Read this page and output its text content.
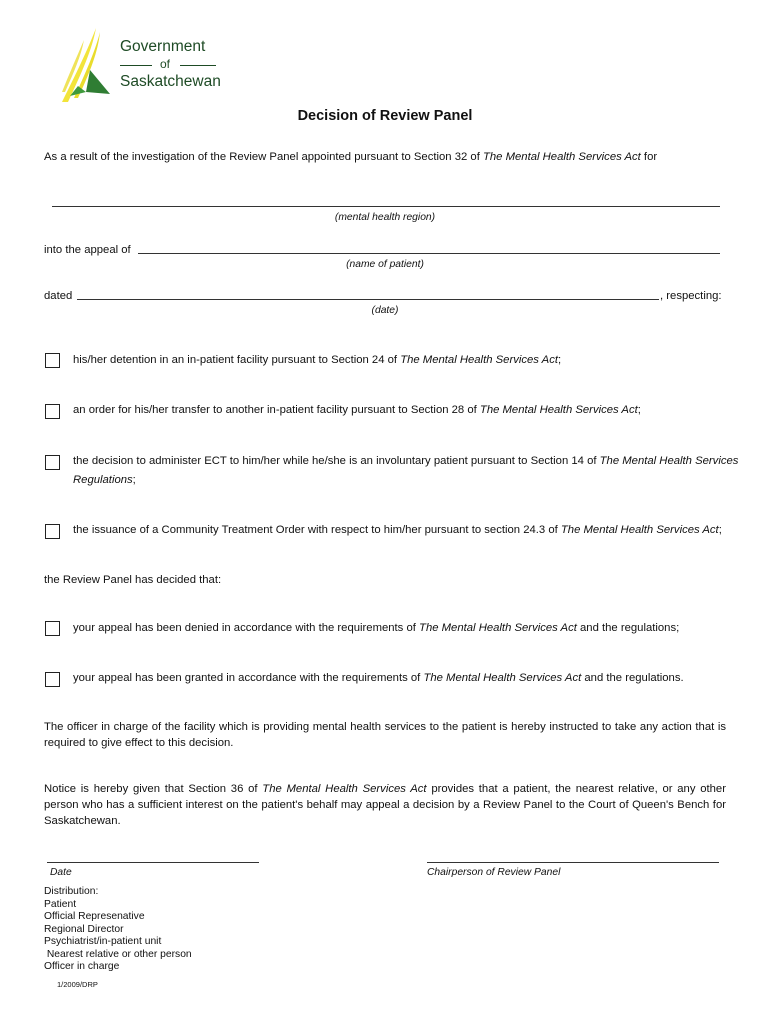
Government
of
Saskatchewan
Decision of Review Panel
As a result of the investigation of the Review Panel appointed pursuant to Section 32 of The Mental Health Services Act for
(mental health region)
into the appeal of
(name of patient)
dated	, respecting:
(date)
his/her detention in an in-patient facility pursuant to Section 24 of The Mental Health Services Act;
an order for his/her transfer to another in-patient facility pursuant to Section 28 of The Mental Health Services Act;
the decision to administer ECT to him/her while he/she is an involuntary patient pursuant to Section 14 of The Mental Health Services
Regulations;
the issuance of a Community Treatment Order with respect to him/her pursuant to section 24.3 of The Mental Health Services Act;
the Review Panel has decided that:
your appeal has been denied in accordance with the requirements of The Mental Health Services Act and the regulations;
your appeal has been granted in accordance with the requirements of The Mental Health Services Act and the regulations.
The officer in charge of the facility which is providing mental health services to the patient is hereby instructed to take any action that is required to give effect to this decision.
Notice is hereby given that Section 36 of The Mental Health Services Act provides that a patient, the nearest relative, or any other person who has a sufficient interest on the patient's behalf may appeal a decision by a Review Panel to the Court of Queen's Bench for Saskatchewan.
Date	Chairperson of Review Panel
Distribution:
Patient
Official Represenative
Regional Director
Psychiatrist/in-patient unit
Nearest relative or other person
Officer in charge
1/2009/DRP
